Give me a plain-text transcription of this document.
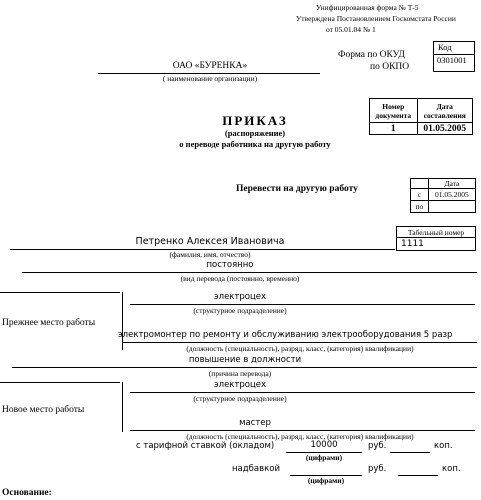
Унифицированная форма № Т-5
Утверждена Постановлением Госкомстата России
от 05.01.04 № 1
Код
0301001
Форма по ОКУД
по ОКПО
ОАО «БУРЕНКА»
( наименование организации)
Номер документа	Дата составления
1	01.05.2005
ПРИКАЗ
(распоряжение)
о переводе работника на другую работу
Перевести на другую работу
	Дата
с	01.05.2005
по	
Табельный номер
1111
Петренко Алексея Ивановича
(фамилия, имя, отчество)
постоянно
(вид перевода (постоянно, временно)
Прежнее место работы
электроцех
(структурное подразделение)
электромонтер по ремонту и обслуживанию электрооборудования 5 разр
(должность (специальность), разряд, класс, (категория) квалификации)
повышение в должности
(причина перевода)
Новое место работы
электроцех
(структурное подразделение)
мастер
(должность (специальность), разряд, класс, (категория) квалификации)
с тарифной ставкой (окладом)	10000	руб.	коп.
(цифрами)
надбавкой	руб.	коп.
(цифрами)
Основание:
